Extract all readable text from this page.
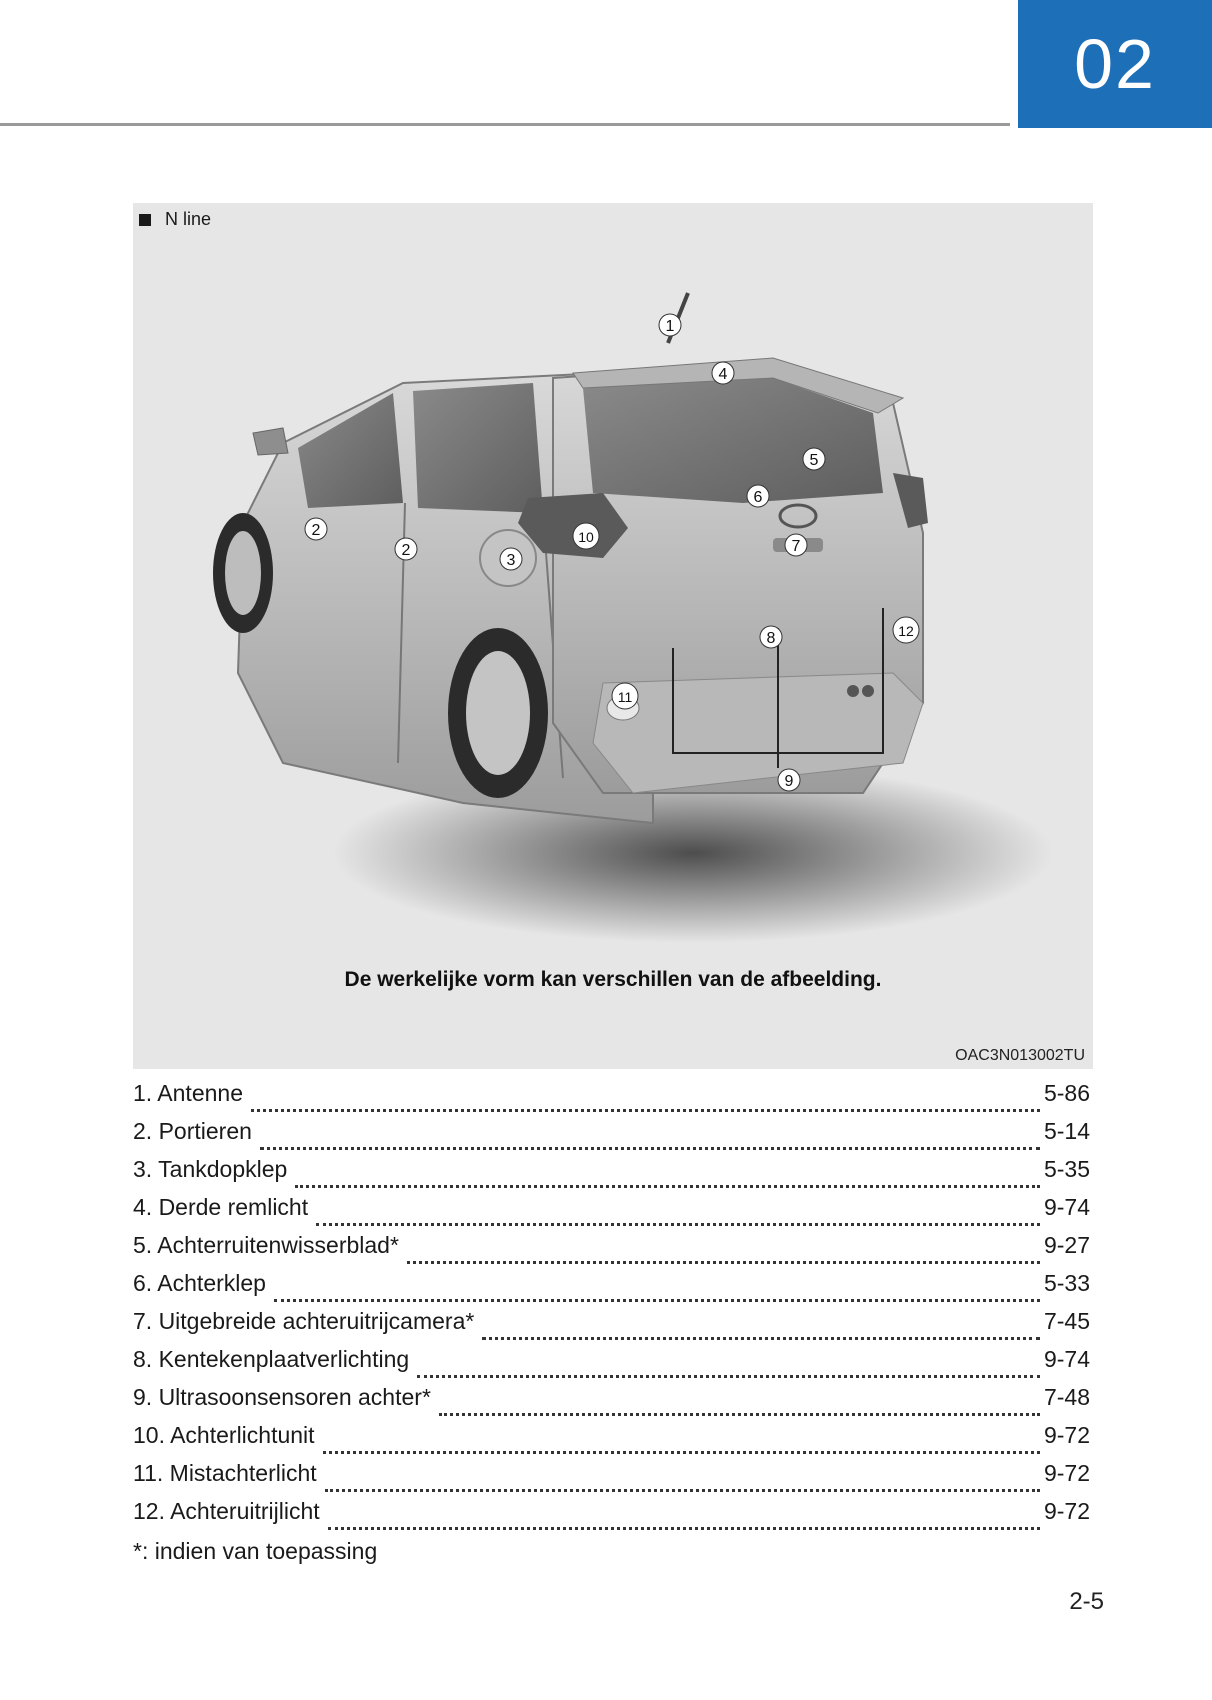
02
N line
1
2
2
3
4
5
6
7
8
9
10
11
12
De werkelijke vorm kan verschillen van de afbeelding.
OAC3N013002TU
1. Antenne	5-86
2. Portieren	5-14
3. Tankdopklep	5-35
4. Derde remlicht	9-74
5. Achterruitenwisserblad*	9-27
6. Achterklep	5-33
7. Uitgebreide achteruitrijcamera*	7-45
8. Kentekenplaatverlichting	9-74
9. Ultrasoonsensoren achter*	7-48
10. Achterlichtunit	9-72
11. Mistachterlicht	9-72
12. Achteruitrijlicht	9-72
*: indien van toepassing
2-5
